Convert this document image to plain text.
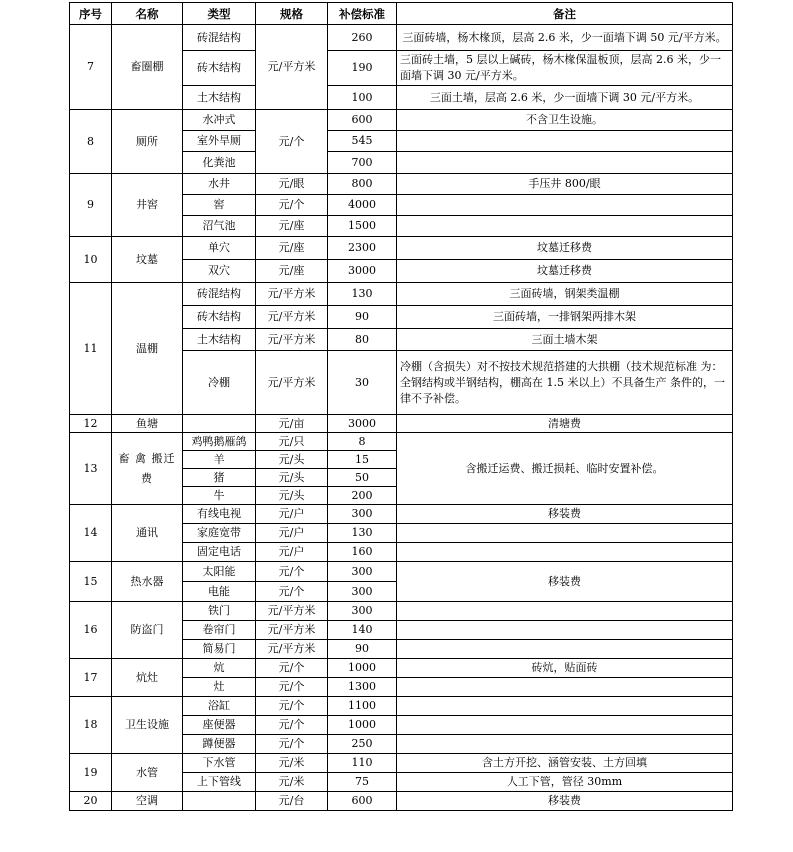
序号	名称	类型	规格	补偿标准	备注
7	畜圈棚	砖混结构	元/平方米	260	三面砖墙，杨木椽顶，层高 2.6 米，少一面墙下调 50 元/平方米。
		砖木结构		190	三面砖土墙，5 层以上碱砖，杨木椽保温板顶，层高 2.6 米，少一面墙下调 30 元/平方米。
		土木结构		100	三面土墙，层高 2.6 米，少一面墙下调 30 元/平方米。
8	厕所	水冲式	元/个	600	不含卫生设施。
		室外旱厕		545	
		化粪池		700	
9	井窖	水井	元/眼	800	手压井 800/眼
		窖	元/个	4000	
		沼气池	元/座	1500	
10	坟墓	单穴	元/座	2300	坟墓迁移费
		双穴	元/座	3000	坟墓迁移费
11	温棚	砖混结构	元/平方米	130	三面砖墙，钢架类温棚
		砖木结构	元/平方米	90	三面砖墙，一排钢架两排木架
		土木结构	元/平方米	80	三面土墙木架
		冷棚	元/平方米	30	冷棚（含损失）对不按技术规范搭建的大拱棚（技术规范标准 为：全钢结构或半钢结构，棚高在 1.5 米以上）不具备生产 条件的，一律不予补偿。
12	鱼塘		元/亩	3000	清塘费
13	畜 禽 搬迁费	鸡鸭鹅雁鸽	元/只	8	含搬迁运费、搬迁损耗、临时安置补偿。
		羊	元/头	15	
		猪	元/头	50	
		牛	元/头	200	
14	通讯	有线电视	元/户	300	移装费
		家庭宽带	元/户	130	
		固定电话	元/户	160	
15	热水器	太阳能	元/个	300	移装费
		电能	元/个	300	
16	防盗门	铁门	元/平方米	300	
		卷帘门	元/平方米	140	
		简易门	元/平方米	90	
17	炕灶	炕	元/个	1000	砖炕，贴面砖
		灶	元/个	1300	
18	卫生设施	浴缸	元/个	1100	
		座便器	元/个	1000	
		蹲便器	元/个	250	
19	水管	下水管	元/米	110	含土方开挖、涵管安装、土方回填
		上下管线	元/米	75	人工下管，管径 30mm
20	空调		元/台	600	移装费
